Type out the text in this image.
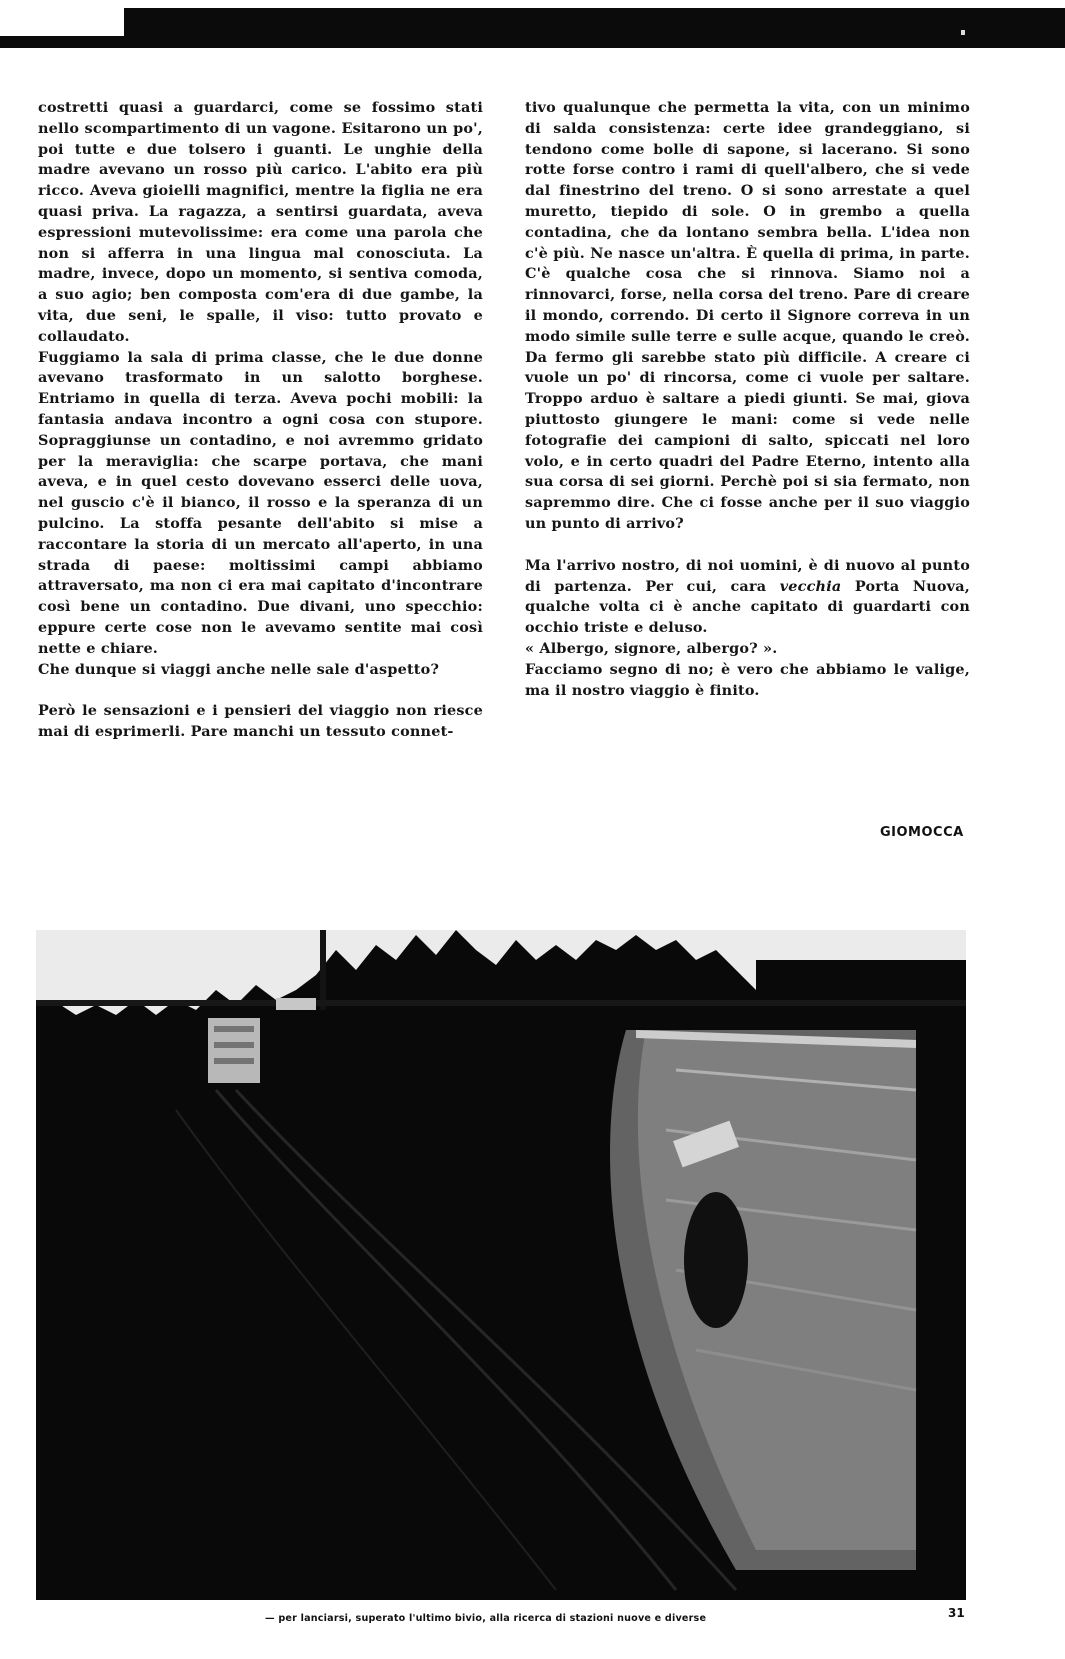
costretti quasi a guardarci, come se fossimo stati nello scompartimento di un vagone. Esitarono un po', poi tutte e due tolsero i guanti. Le unghie della madre avevano un rosso più carico. L'abito era più ricco. Aveva gioielli magnifici, mentre la figlia ne era quasi priva. La ragazza, a sentirsi guardata, aveva espressioni mutevolissime: era come una parola che non si afferra in una lingua mal conosciuta. La madre, invece, dopo un momento, si sentiva comoda, a suo agio; ben composta com'era di due gambe, la vita, due seni, le spalle, il viso: tutto provato e collaudato.

Fuggiamo la sala di prima classe, che le due donne avevano trasformato in un salotto borghese. Entriamo in quella di terza. Aveva pochi mobili: la fantasia andava incontro a ogni cosa con stupore. Sopraggiunse un contadino, e noi avremmo gridato per la meraviglia: che scarpe portava, che mani aveva, e in quel cesto dovevano esserci delle uova, nel guscio c'è il bianco, il rosso e la speranza di un pulcino. La stoffa pesante dell'abito si mise a raccontare la storia di un mercato all'aperto, in una strada di paese: moltissimi campi abbiamo attraversato, ma non ci era mai capitato d'incontrare così bene un contadino. Due divani, uno specchio: eppure certe cose non le avevamo sentite mai così nette e chiare.

Che dunque si viaggi anche nelle sale d'aspetto?

Però le sensazioni e i pensieri del viaggio non riesce mai di esprimerli. Pare manchi un tessuto connet-

tivo qualunque che permetta la vita, con un minimo di salda consistenza: certe idee grandeggiano, si tendono come bolle di sapone, si lacerano. Si sono rotte forse contro i rami di quell'albero, che si vede dal finestrino del treno. O si sono arrestate a quel muretto, tiepido di sole. O in grembo a quella contadina, che da lontano sembra bella. L'idea non c'è più. Ne nasce un'altra. È quella di prima, in parte. C'è qualche cosa che si rinnova. Siamo noi a rinnovarci, forse, nella corsa del treno. Pare di creare il mondo, correndo. Di certo il Signore correva in un modo simile sulle terre e sulle acque, quando le creò. Da fermo gli sarebbe stato più difficile. A creare ci vuole un po' di rincorsa, come ci vuole per saltare. Troppo arduo è saltare a piedi giunti. Se mai, giova piuttosto giungere le mani: come si vede nelle fotografie dei campioni di salto, spiccati nel loro volo, e in certo quadri del Padre Eterno, intento alla sua corsa di sei giorni. Perchè poi si sia fermato, non sapremmo dire. Che ci fosse anche per il suo viaggio un punto di arrivo?

Ma l'arrivo nostro, di noi uomini, è di nuovo al punto di partenza. Per cui, cara vecchia Porta Nuova, qualche volta ci è anche capitato di guardarti con occhio triste e deluso.

« Albergo, signore, albergo? ».

Facciamo segno di no; è vero che abbiamo le valige, ma il nostro viaggio è finito.

GIOMOCCA
— per lanciarsi, superato l'ultimo bivio, alla ricerca di stazioni nuove e diverse	31
